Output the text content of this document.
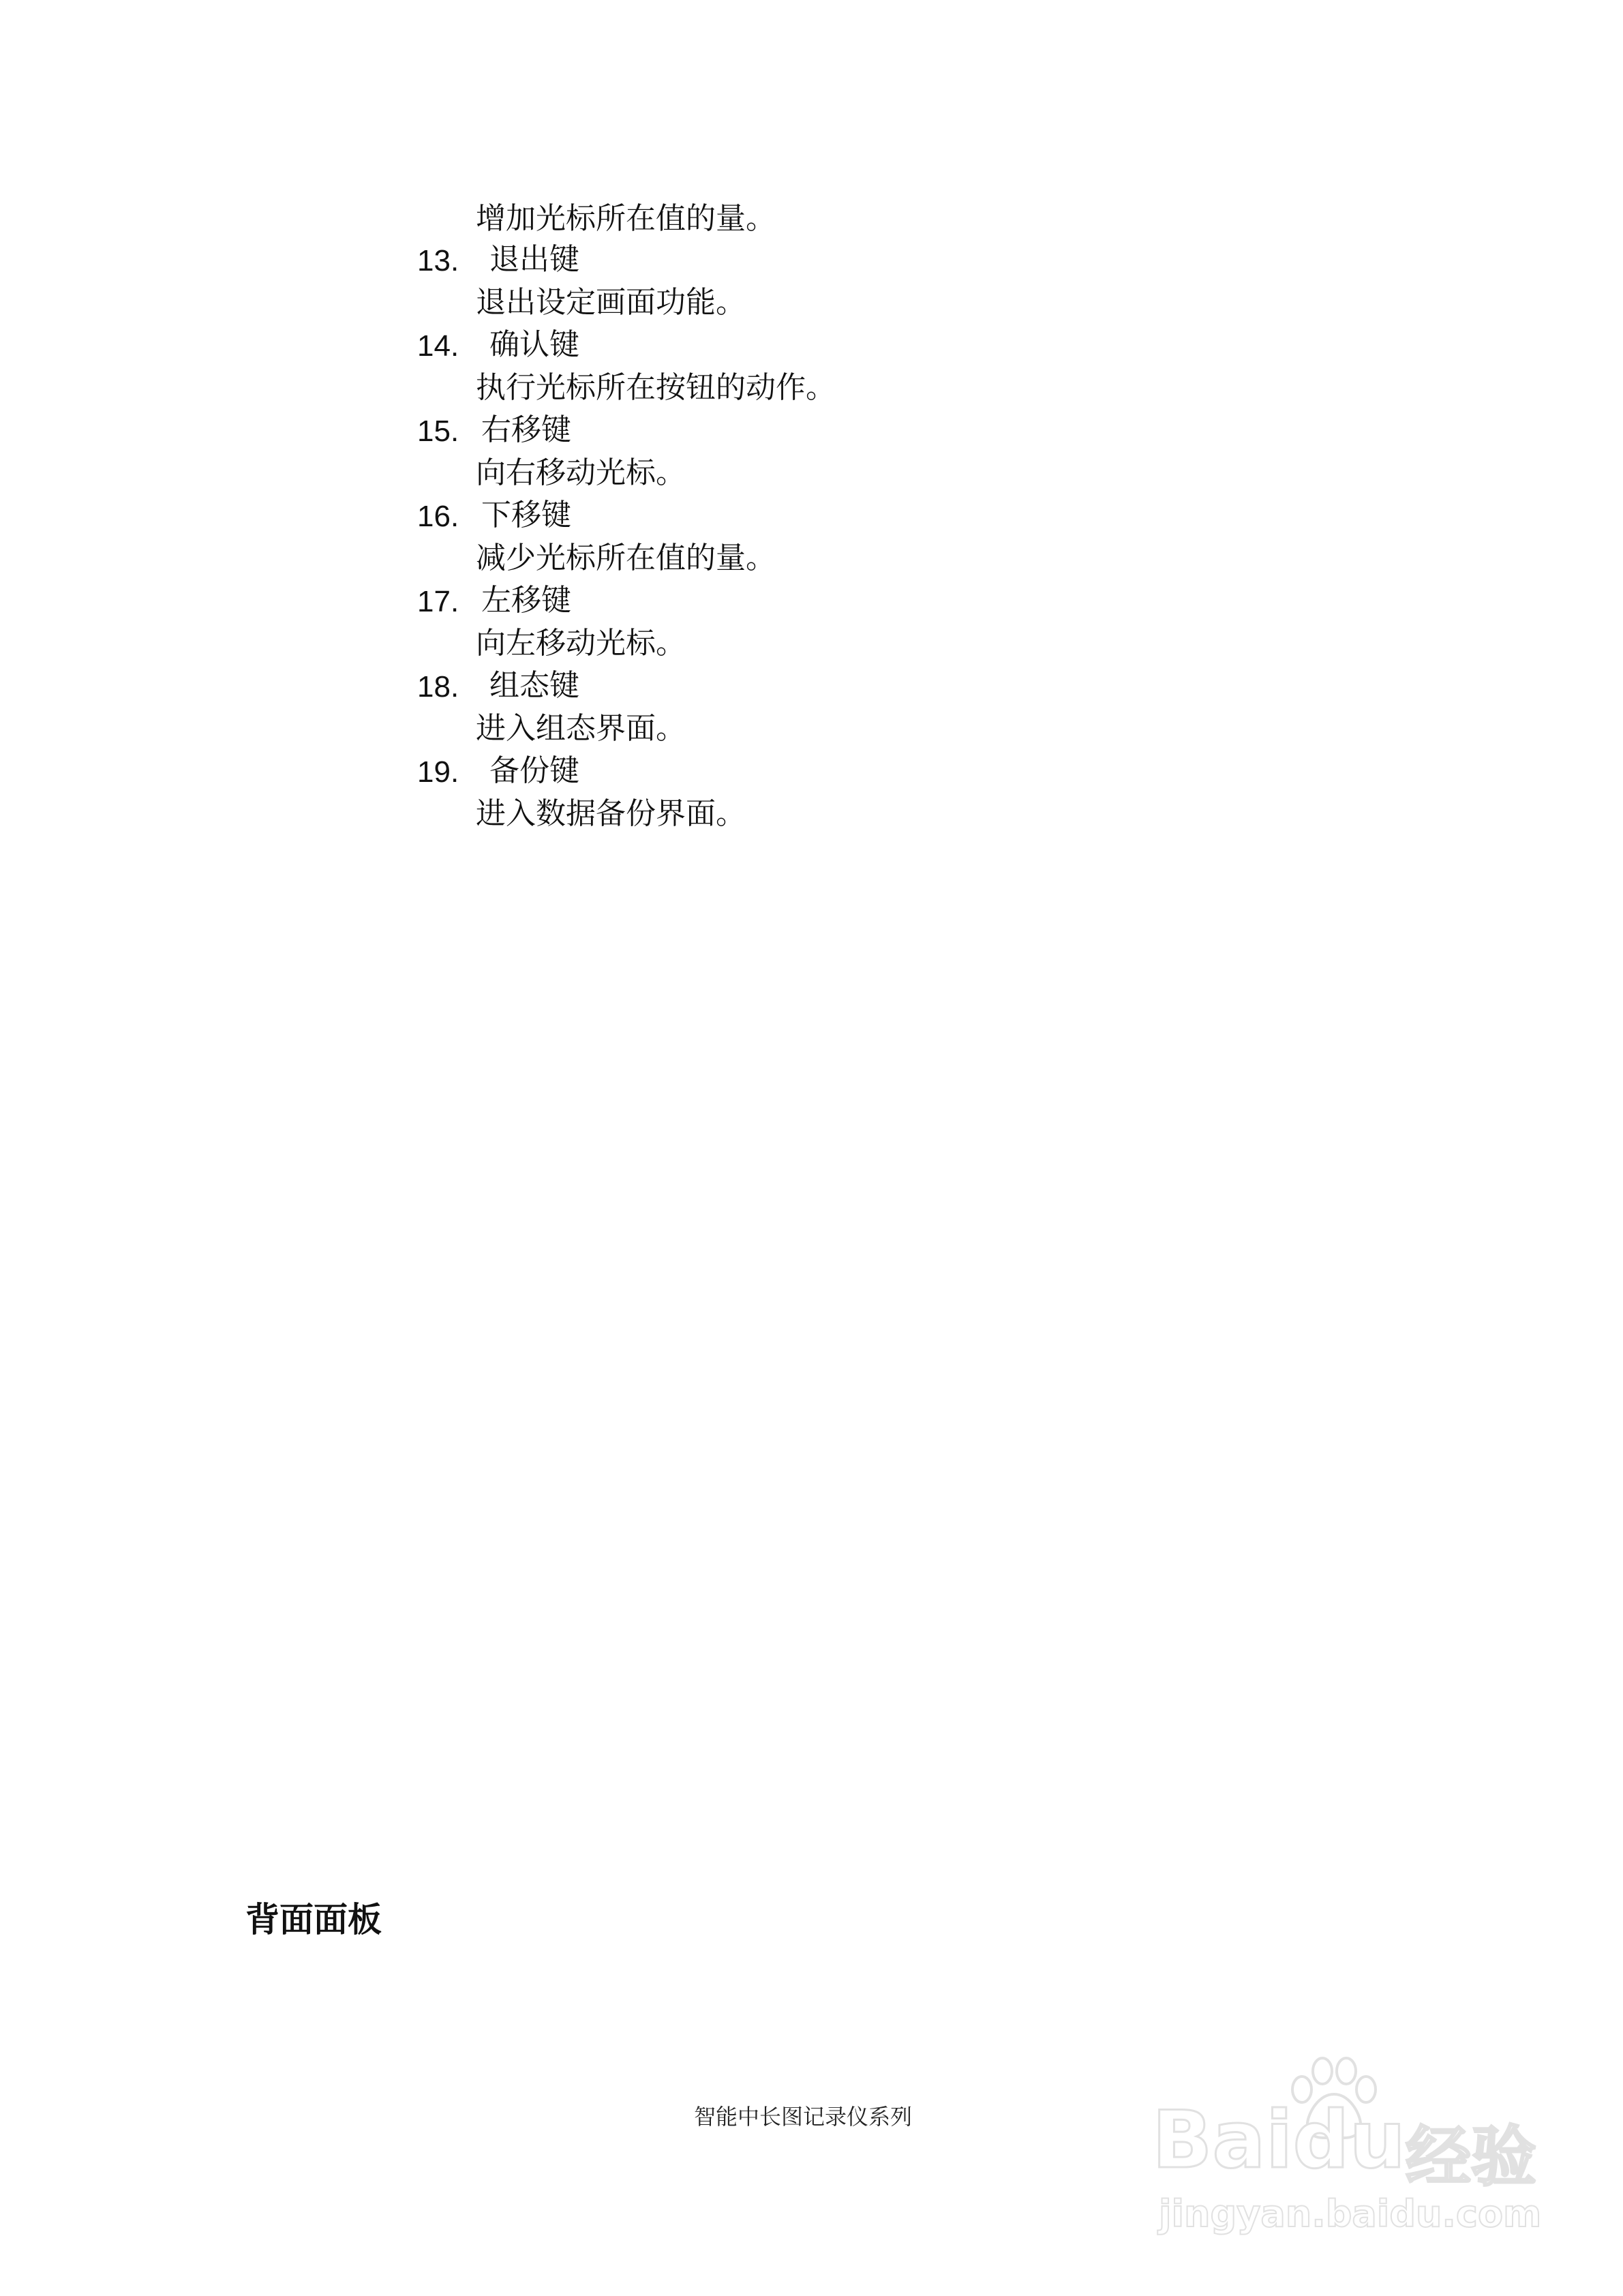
增加光标所在值的量。
13. 退出键
退出设定画面功能。
14. 确认键
执行光标所在按钮的动作。
15. 右移键
向右移动光标。
16. 下移键
减少光标所在值的量。
17. 左移键
向左移动光标。
18. 组态键
进入组态界面。
19. 备份键
进入数据备份界面。
背面面板
智能中长图记录仪系列	Baidu 经验
jingyan.baidu.com
